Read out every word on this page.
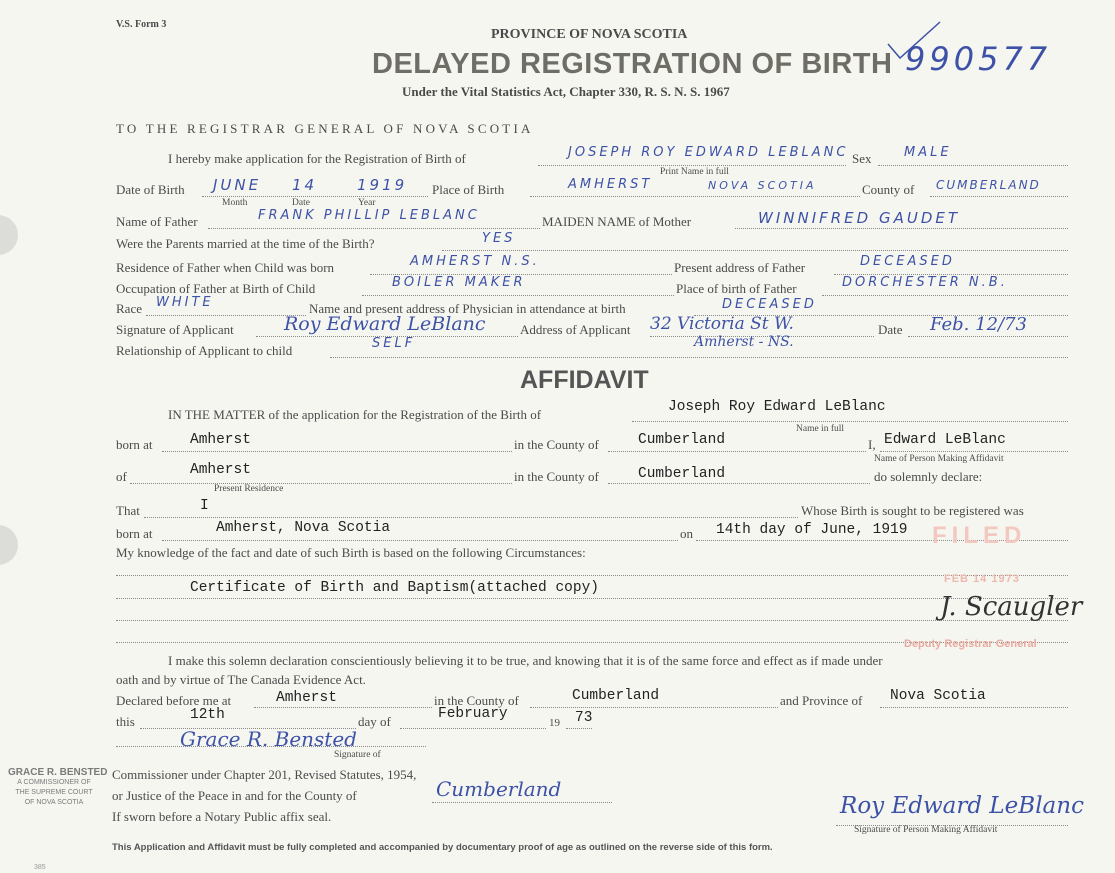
V.S. Form 3
PROVINCE OF NOVA SCOTIA
DELAYED REGISTRATION OF BIRTH
Under the Vital Statistics Act, Chapter 330, R. S. N. S. 1967
990577
TO THE REGISTRAR GENERAL OF NOVA SCOTIA
I hereby make application for the Registration of Birth of	JOSEPH ROY EDWARD LEBLANC
Print Name in full
Sex	MALE
Date of Birth JUNE 14	1919
Month	Date	Year
Place of Birth	AMHERST	NOVA SCOTIA	County of CUMBERLAND
Name of Father	FRANK PHILLIP LEBLANC	MAIDEN NAME of Mother	WINNIFRED GAUDET
Were the Parents married at the time of the Birth?	YES
Residence of Father when Child was born	AMHERST N.S.	Present address of Father	DECEASED
Occupation of Father at Birth of Child	BOILER MAKER	Place of birth of Father	DORCHESTER N.B.
Race WHITE	Name and present address of Physician in attendance at birth	DECEASED
Signature of Applicant	Roy Edward LeBlanc	Address of Applicant 32 Victoria St W.	Date Feb. 12/73
Relationship of Applicant to child	SELF	Amherst - NS.
AFFIDAVIT
IN THE MATTER of the application for the Registration of the Birth of	Joseph Roy Edward LeBlanc
Name in full
born at	Amherst	in the County of	Cumberland	I, Edward LeBlanc
Name of Person Making Affidavit
of	Amherst
Present Residence
in the County of	Cumberland	do solemnly declare:
That	I	Whose Birth is sought to be registered was
born at	Amherst, Nova Scotia	on 14th day of June, 1919
My knowledge of the fact and date of such Birth is based on the following Circumstances:
Certificate of Birth and Baptism(attached copy)
I make this solemn declaration conscientiously believing it to be true, and knowing that it is of the same force and effect as if made under
oath and by virtue of The Canada Evidence Act.
Declared before me at	Amherst	in the County of	Cumberland	and Province of Nova Scotia
this	12th	day of	February
19 73
Grace R. Bensted
Signature of
Commissioner under Chapter 201, Revised Statutes, 1954,
or Justice of the Peace in and for the County of	Cumberland
If sworn before a Notary Public affix seal.	Roy Edward LeBlanc
Signature of Person Making Affidavit
GRACE R. BENSTED
A COMMISSIONER OF
THE SUPREME COURT
OF NOVA SCOTIA
FILED
FEB 14 1973
J. Scaugler
Deputy Registrar General
This Application and Affidavit must be fully completed and accompanied by documentary proof of age as outlined on the reverse side of this form.
385
